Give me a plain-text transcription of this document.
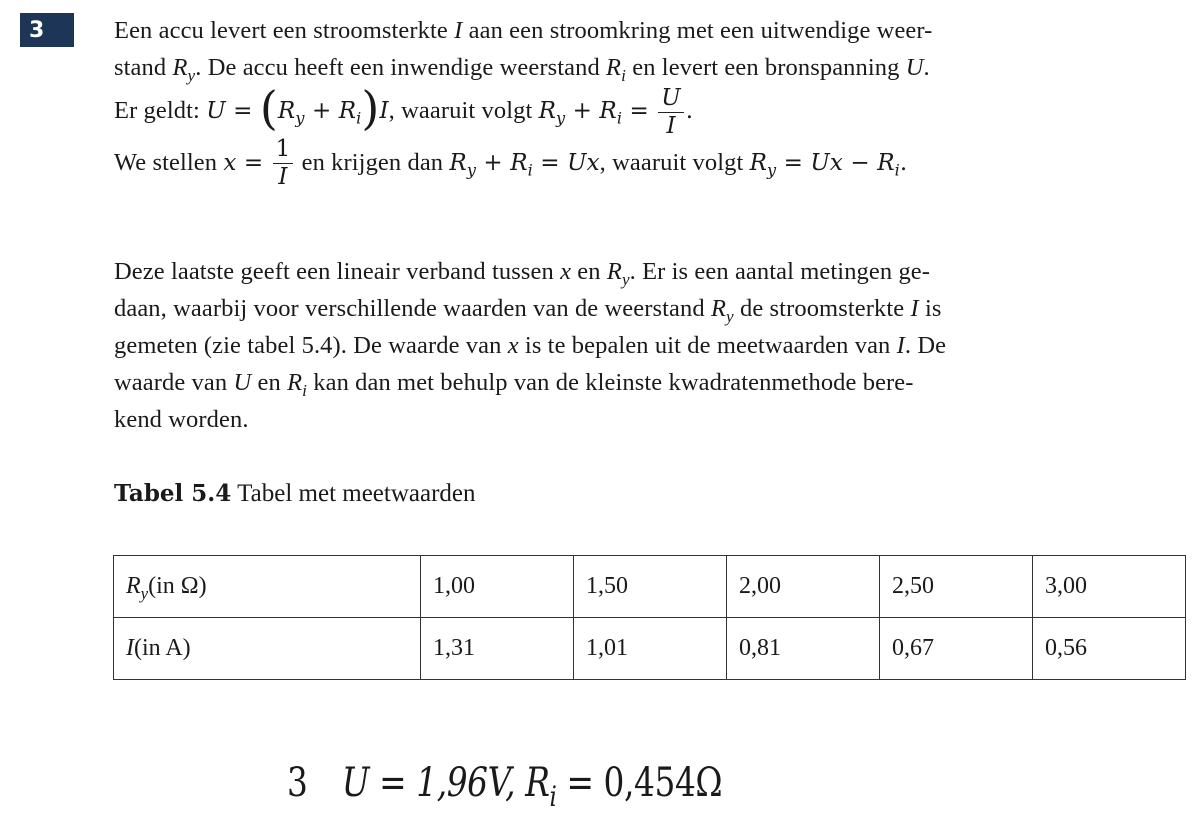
3	Een accu levert een stroomsterkte I aan een stroomkring met een uitwendige weer-

stand $R_y$. De accu heeft een inwendige weerstand $R_i$ en levert een bronspanning U.

Er geldt: $U = (R_y + R_i)I$, waaruit volgt $R_y + R_i = \frac{U}{I}$ .

We stellen $x = \frac{1}{I}$ en krijgen dan $R_y + R_i = Ux$, waaruit volgt $R_y = Ux - R_i$.

Deze laatste geeft een lineair verband tussen x en $R_y$. Er is een aantal metingen ge-

daan, waarbij voor verschillende waarden van de weerstand $R_y$ de stroomsterkte I is

gemeten (zie tabel 5.4). De waarde van x is te bepalen uit de meetwaarden van I. De

waarde van U en $R_i$ kan dan met behulp van de kleinste kwadratenmethode bere-

kend worden.

Tabel 5.4 Tabel met meetwaarden
$R_y(in$ Ω)	1,00	1,50	2,00	2,50	3,00
I(in A)	1,31	1,01	0,81	0,67	0,56
3 U = 1,96V, $R_i = 0,454\Omega$
